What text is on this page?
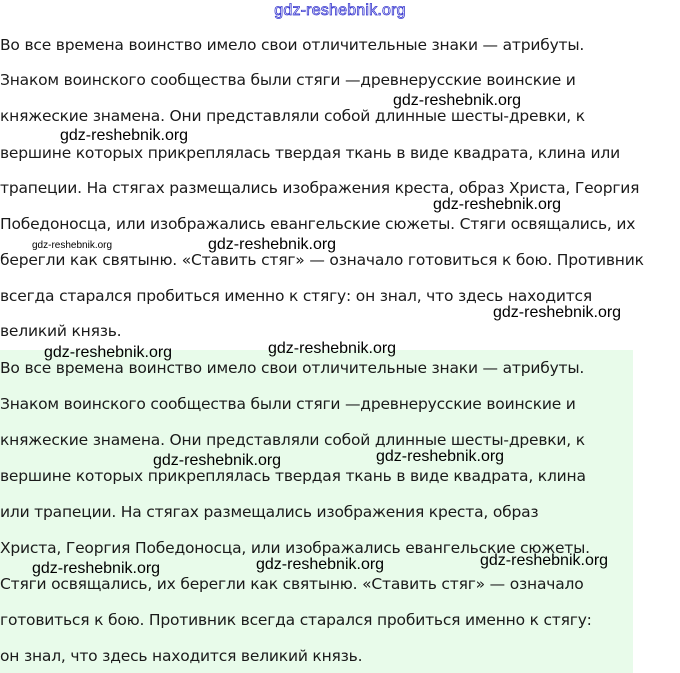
gdz-reshebnik.org
Во все времена воинство имело свои отличительные знаки — атрибуты.
Знаком воинского сообщества были стяги —древнерусские воинские и
княжеские знамена. Они представляли собой длинные шесты-древки, к
вершине которых прикреплялась твердая ткань в виде квадрата, клина или
трапеции. На стягах размещались изображения креста, образ Христа, Георгия
Победоносца, или изображались евангельские сюжеты. Стяги освящались, их
берегли как святыню. «Ставить стяг» — означало готовиться к бою. Противник
всегда старался пробиться именно к стягу: он знал, что здесь находится
великий князь.
Во все времена воинство имело свои отличительные знаки — атрибуты.
Знаком воинского сообщества были стяги —древнерусские воинские и
княжеские знамена. Они представляли собой длинные шесты-древки, к
вершине которых прикреплялась твердая ткань в виде квадрата, клина
или трапеции. На стягах размещались изображения креста, образ
Христа, Георгия Победоносца, или изображались евангельские сюжеты.
Стяги освящались, их берегли как святыню. «Ставить стяг» — означало
готовиться к бою. Противник всегда старался пробиться именно к стягу:
он знал, что здесь находится великий князь.
gdz-reshebnik.org
gdz-reshebnik.org
gdz-reshebnik.org
gdz-reshebnik.org	gdz-reshebnik.org
gdz-reshebnik.org
gdz-reshebnik.org	gdz-reshebnik.org
gdz-reshebnik.org	gdz-reshebnik.org
gdz-reshebnik.org
gdz-reshebnik.org	gdz-reshebnik.org
